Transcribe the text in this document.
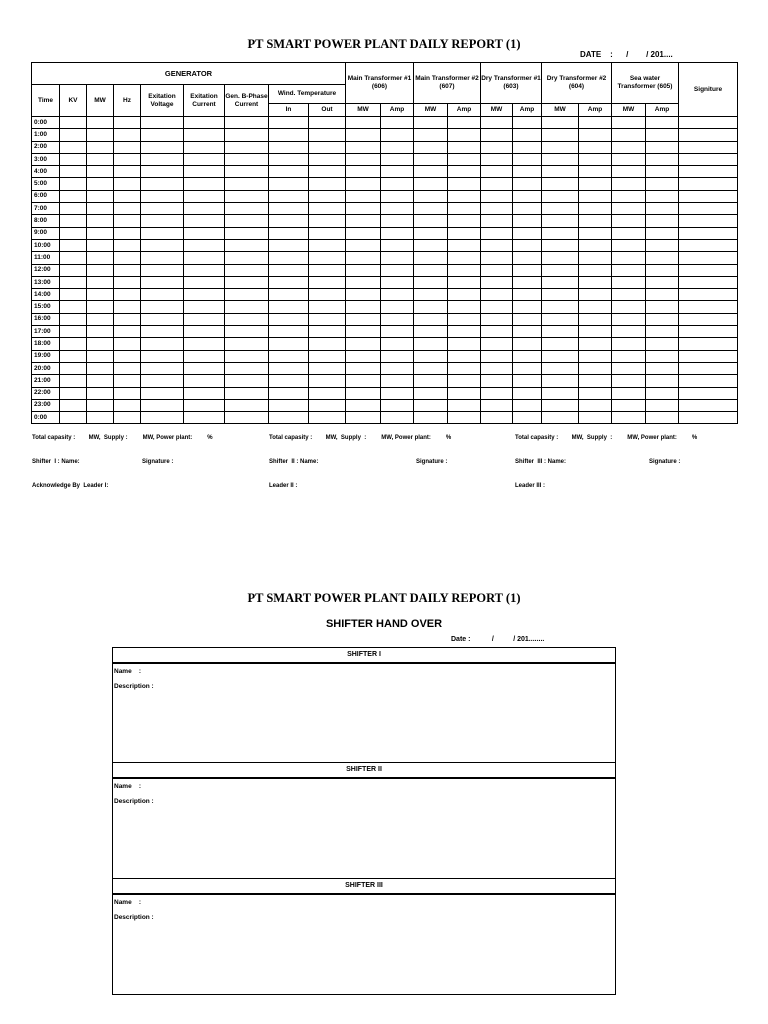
PT SMART POWER PLANT DAILY REPORT (1)
DATE    :      /        / 201....
GENERATOR									Main Transformer #1 (606)		Main Transformer #2 (607)		Dry Transformer #1 (603)		Dry Transformer #2 (604)		Sea water Transformer (605)		Signiture
Time	KV	MW	Hz	Exitation Voltage	Exitation Current	Gen. B-Phase Current	Wind. Temperature												
							In	Out	MW	Amp	MW	Amp	MW	Amp	MW	Amp	MW	Amp	
0:00																			
1:00																			
2:00																			
3:00																			
4:00																			
5:00																			
6:00																			
7:00																			
8:00																			
9:00																			
10:00																			
11:00																			
12:00																			
13:00																			
14:00																			
15:00																			
16:00																			
17:00																			
18:00																			
19:00																			
20:00																			
21:00																			
22:00																			
23:00																			
0:00																			
Total capasity :        MW,  Supply :         MW, Power plant:         %	Total capasity :        MW,  Supply  :         MW, Power plant:         %	Total capasity :        MW,  Supply  :         MW, Power plant:         %
Shifter  I : Name:	Signature :	Shifter  II : Name:	Signature :	Shifter  III : Name:	Signature :
Acknowledge By  Leader I:	Leader II :	Leader III :
PT SMART POWER PLANT DAILY REPORT (1)
SHIFTER HAND OVER
Date :           /          / 201........
SHIFTER I
Name    :
Description :
SHIFTER II
Name    :
Description :
SHIFTER III
Name    :
Description :
